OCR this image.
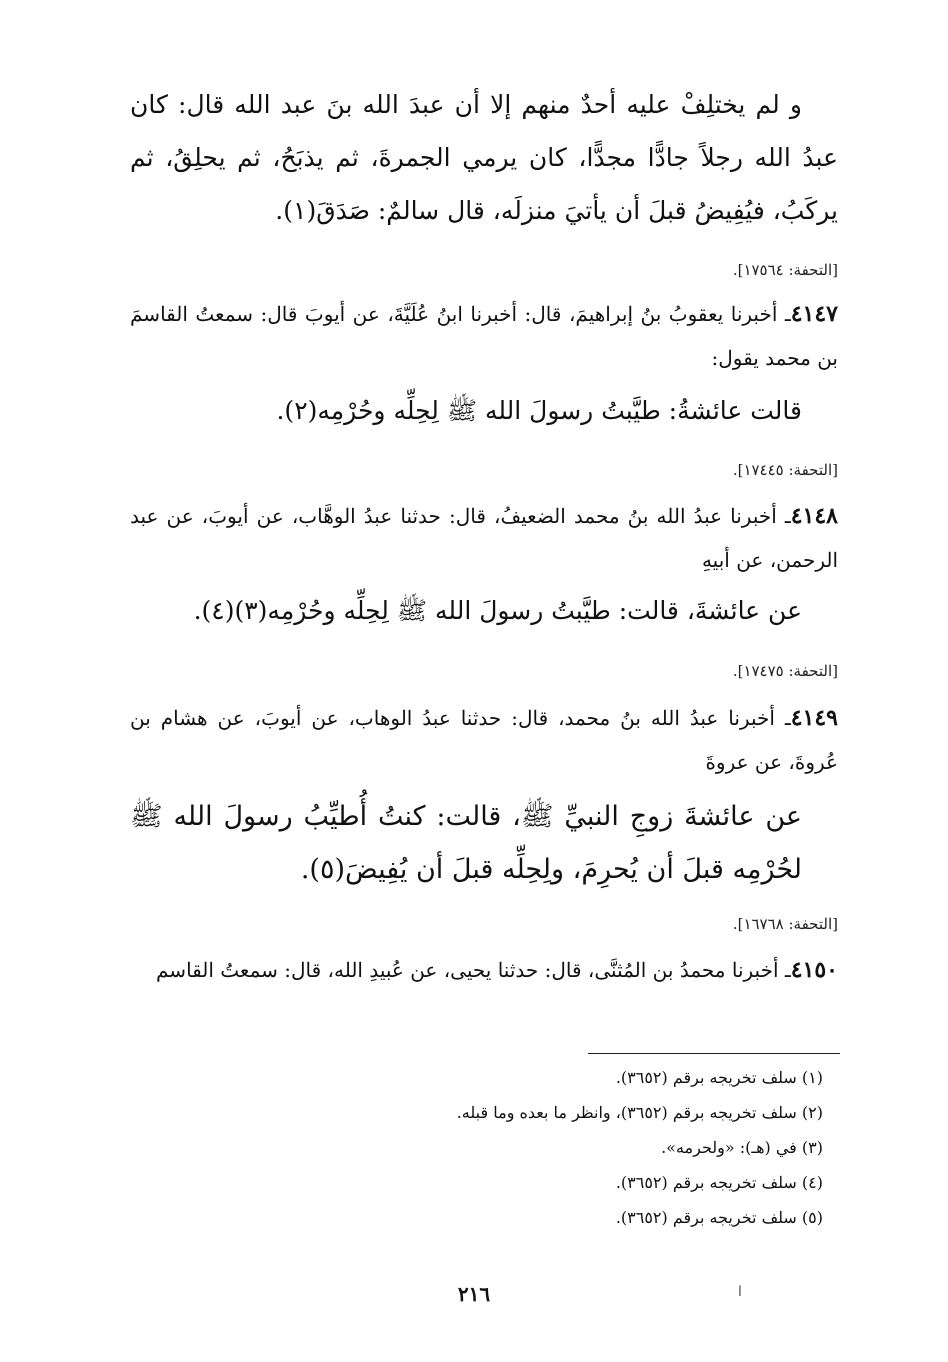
و لم يختلِفْ عليه أحدٌ منهم إلا أن عبدَ الله بنَ عبد الله قال: كان عبدُ الله رجلاً جادًّا مجدًّا، كان يرمي الجمرةَ، ثم يذبَحُ، ثم يحلِقُ، ثم يركَبُ، فيُفِيضُ قبلَ أن يأتيَ منزلَه، قال سالمٌ: صَدَقَ(١).
[التحفة: ١٧٥٦٤].
٤١٤٧ـ أخبرنا يعقوبُ بنُ إبراهيمَ، قال: أخبرنا ابنُ عُلَيَّةَ، عن أيوبَ قال: سمعتُ القاسمَ بن محمد يقول:
قالت عائشةُ: طيَّبتُ رسولَ الله ﷺ لِحِلِّه وحُرْمِه(٢).
[التحفة: ١٧٤٤٥].
٤١٤٨ـ أخبرنا عبدُ الله بنُ محمد الضعيفُ، قال: حدثنا عبدُ الوهَّاب، عن أيوبَ، عن عبد الرحمن، عن أبيهِ
عن عائشةَ، قالت: طيَّبتُ رسولَ الله ﷺ لِحِلِّه وحُرْمِه(٣)(٤).
[التحفة: ١٧٤٧٥].
٤١٤٩ـ أخبرنا عبدُ الله بنُ محمد، قال: حدثنا عبدُ الوهاب، عن أيوبَ، عن هشام بن عُروةَ، عن عروةَ
عن عائشةَ زوجِ النبيِّ ﷺ، قالت: كنتُ أُطيِّبُ رسولَ الله ﷺ لحُرْمِه قبلَ أن يُحرِمَ، ولِحِلِّه قبلَ أن يُفِيضَ(٥).
[التحفة: ١٦٧٦٨].
٤١٥٠ـ أخبرنا محمدُ بن المُثنَّى، قال: حدثنا يحيى، عن عُبيدِ الله، قال: سمعتُ القاسم
(١) سلف تخريجه برقم (٣٦٥٢).
(٢) سلف تخريجه برقم (٣٦٥٢)، وانظر ما بعده وما قبله.
(٣) في (هـ): «ولحرمه».
(٤) سلف تخريجه برقم (٣٦٥٢).
(٥) سلف تخريجه برقم (٣٦٥٢).
٢١٦	ا
